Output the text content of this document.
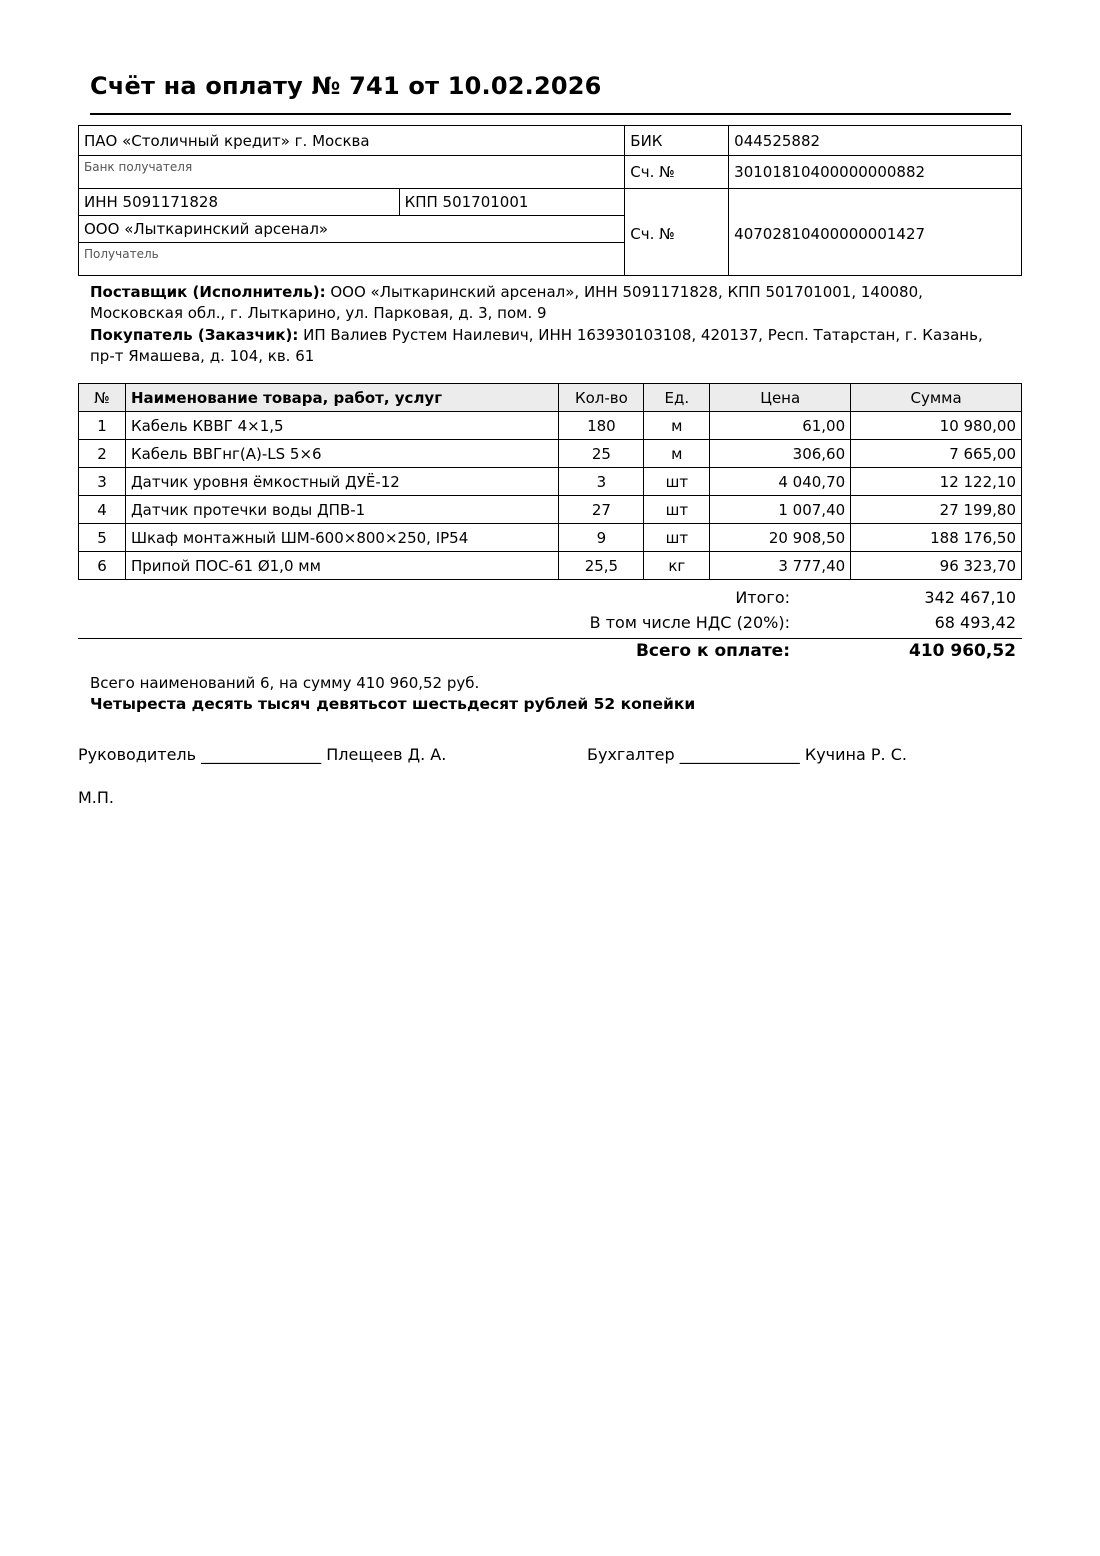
Счёт на оплату № 741 от 10.02.2026
ПАО «Столичный кредит» г. Москва		БИК	044525882
Банк получателя		Сч. №	30101810400000000882
ИНН 5091171828	КПП 501701001	Сч. №	40702810400000001427
ООО «Лыткаринский арсенал»			
Получатель			

Поставщик (Исполнитель): ООО «Лыткаринский арсенал», ИНН 5091171828, КПП 501701001, 140080, Московская обл., г. Лыткарино, ул. Парковая, д. 3, пом. 9

Покупатель (Заказчик): ИП Валиев Рустем Наилевич, ИНН 163930103108, 420137, Респ. Татарстан, г. Казань, пр-т Ямашева, д. 104, кв. 61

№	Наименование товара, работ, услуг	Кол-во	Ед.	Цена	Сумма
1	Кабель КВВГ 4×1,5	180	м	61,00	10 980,00
2	Кабель ВВГнг(А)-LS 5×6	25	м	306,60	7 665,00
3	Датчик уровня ёмкостный ДУЁ-12	3	шт	4 040,70	12 122,10
4	Датчик протечки воды ДПВ-1	27	шт	1 007,40	27 199,80
5	Шкаф монтажный ШМ-600×800×250, IP54	9	шт	20 908,50	188 176,50
6	Припой ПОС-61 Ø1,0 мм	25,5	кг	3 777,40	96 323,70
Итого:	342 467,10
В том числе НДС (20%):	68 493,42
Всего к оплате:	410 960,52
Всего наименований 6, на сумму 410 960,52 руб.
Четыреста десять тысяч девятьсот шестьдесят рублей 52 копейки
Руководитель _______________ Плещеев Д. А.	Бухгалтер _______________ Кучина Р. С.
М.П.
